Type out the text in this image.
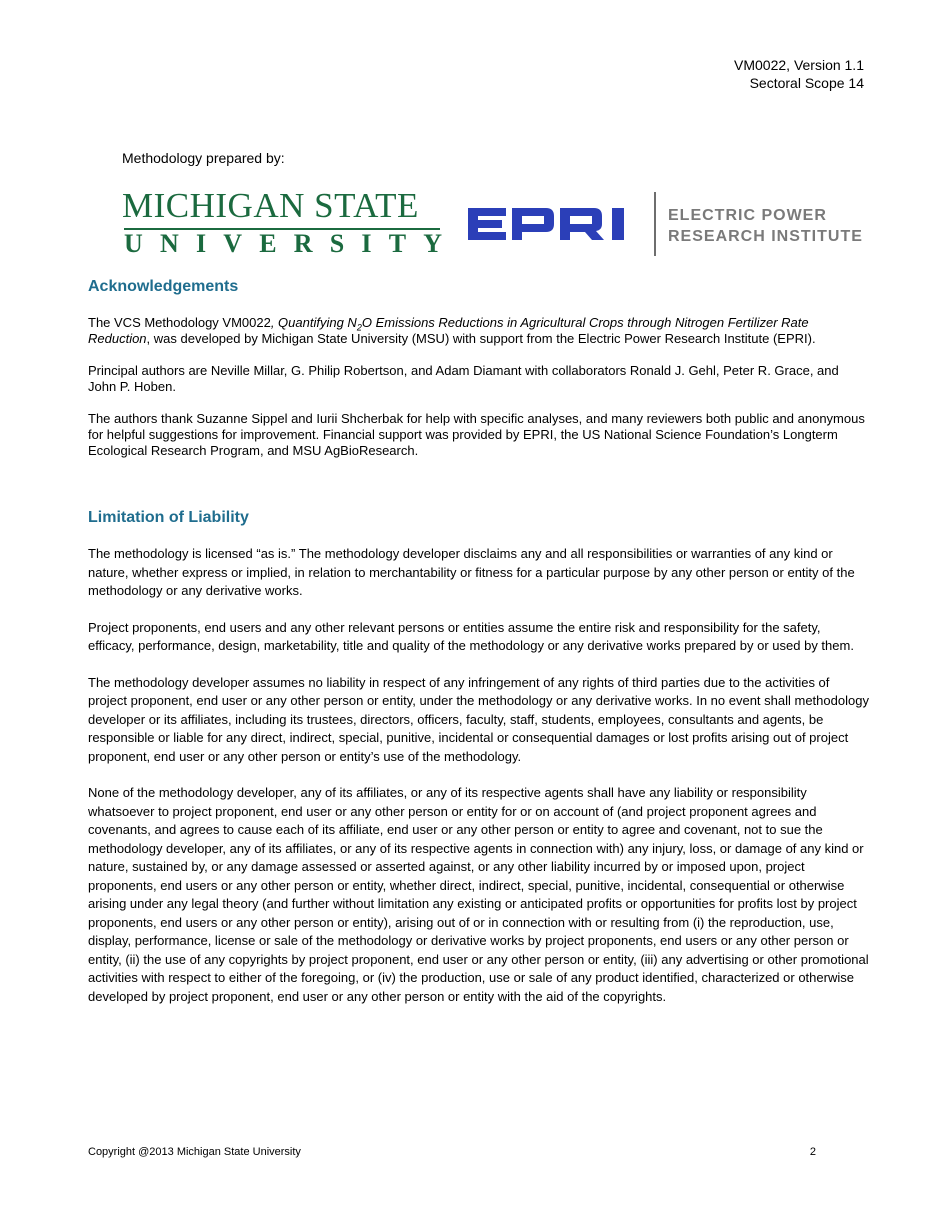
VM0022, Version 1.1
Sectoral Scope 14
Methodology prepared by:
MICHIGAN STATE
U N I V E R S I T Y
ELECTRIC POWER
RESEARCH INSTITUTE
Acknowledgements

The VCS Methodology VM0022, Quantifying $N_2O$ Emissions Reductions in Agricultural Crops through Nitrogen Fertilizer Rate Reduction, was developed by Michigan State University (MSU) with support from the Electric Power Research Institute (EPRI).

Principal authors are Neville Millar, G. Philip Robertson, and Adam Diamant with collaborators Ronald J. Gehl, Peter R. Grace, and John P. Hoben.

The authors thank Suzanne Sippel and Iurii Shcherbak for help with specific analyses, and many reviewers both public and anonymous for helpful suggestions for improvement. Financial support was provided by EPRI, the US National Science Foundation’s Longterm Ecological Research Program, and MSU AgBioResearch.

Limitation of Liability

The methodology is licensed “as is.” The methodology developer disclaims any and all responsibilities or warranties of any kind or nature, whether express or implied, in relation to merchantability or fitness for a particular purpose by any other person or entity of the methodology or any derivative works.

Project proponents, end users and any other relevant persons or entities assume the entire risk and responsibility for the safety, efficacy, performance, design, marketability, title and quality of the methodology or any derivative works prepared by or used by them.

The methodology developer assumes no liability in respect of any infringement of any rights of third parties due to the activities of project proponent, end user or any other person or entity, under the methodology or any derivative works. In no event shall methodology developer or its affiliates, including its trustees, directors, officers, faculty, staff, students, employees, consultants and agents, be responsible or liable for any direct, indirect, special, punitive, incidental or consequential damages or lost profits arising out of project proponent, end user or any other person or entity’s use of the methodology.

None of the methodology developer, any of its affiliates, or any of its respective agents shall have any liability or responsibility whatsoever to project proponent, end user or any other person or entity for or on account of (and project proponent agrees and covenants, and agrees to cause each of its affiliate, end user or any other person or entity to agree and covenant, not to sue the methodology developer, any of its affiliates, or any of its respective agents in connection with) any injury, loss, or damage of any kind or nature, sustained by, or any damage assessed or asserted against, or any other liability incurred by or imposed upon, project proponents, end users or any other person or entity, whether direct, indirect, special, punitive, incidental, consequential or otherwise arising under any legal theory (and further without limitation any existing or anticipated profits or opportunities for profits lost by project proponents, end users or any other person or entity), arising out of or in connection with or resulting from (i) the reproduction, use, display, performance, license or sale of the methodology or derivative works by project proponents, end users or any other person or entity, (ii) the use of any copyrights by project proponent, end user or any other person or entity, (iii) any advertising or other promotional activities with respect to either of the foregoing, or (iv) the production, use or sale of any product identified, characterized or otherwise developed by project proponent, end user or any other person or entity with the aid of the copyrights.

Copyright @2013 Michigan State University	2
